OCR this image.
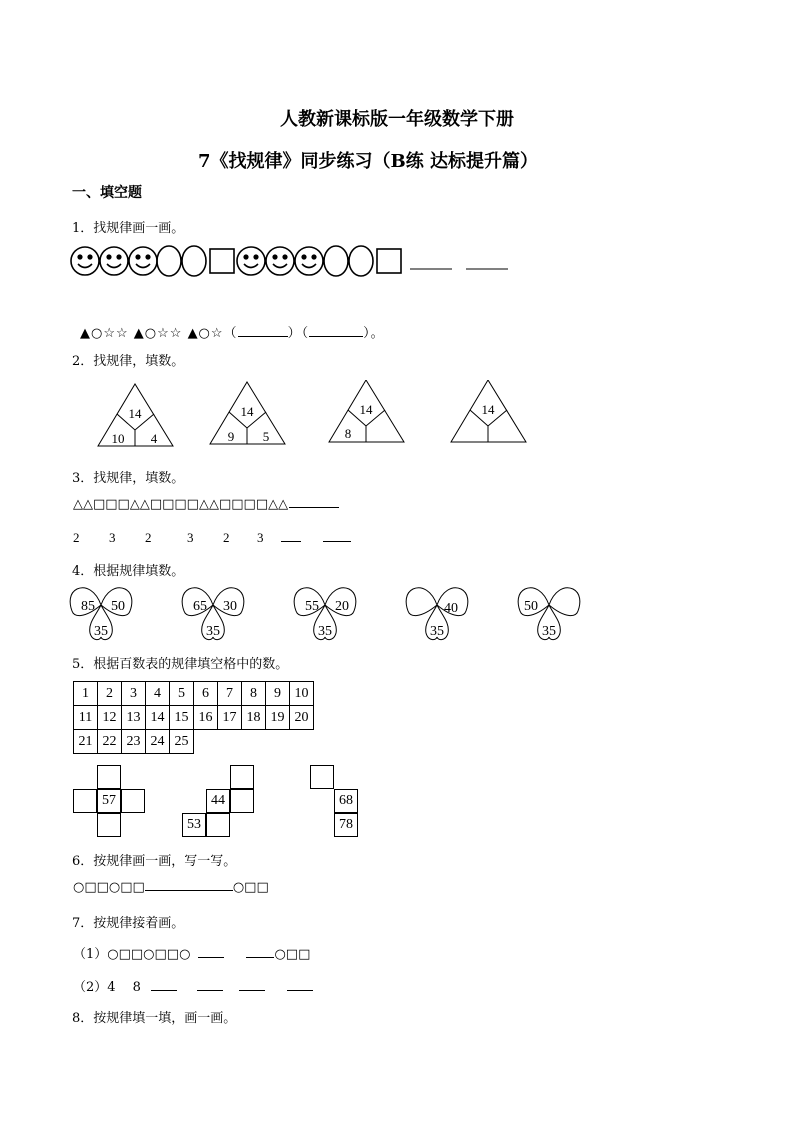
人教新课标版一年级数学下册
7《找规律》同步练习（B练 达标提升篇）
一、填空题
1．找规律画一画。
▲○☆☆ ▲○☆☆ ▲○☆（	）（	）。
2．找规律，填数。
14
10 4
14
9 5
14
8
14
3．找规律，填数。
△△□□□△△□□□□△△□□□□△△
2 3 2	3 2 3
4．根据规律填数。
85 50
35
65 30
35
55 20
35
40
35
50
35
5．根据百数表的规律填空格中的数。
1	2	3	4	5	6	7	8	9	10
11	12	13	14	15	16	17	18	19	20
21	22	23	24	25					
57	44
53
68
78
6．按规律画一画，写一写。
○□□○□□	○□□
7．按规律接着画。
（1）○□□○□□○	○□□
（2）4　 8
8．按规律填一填，画一画。
